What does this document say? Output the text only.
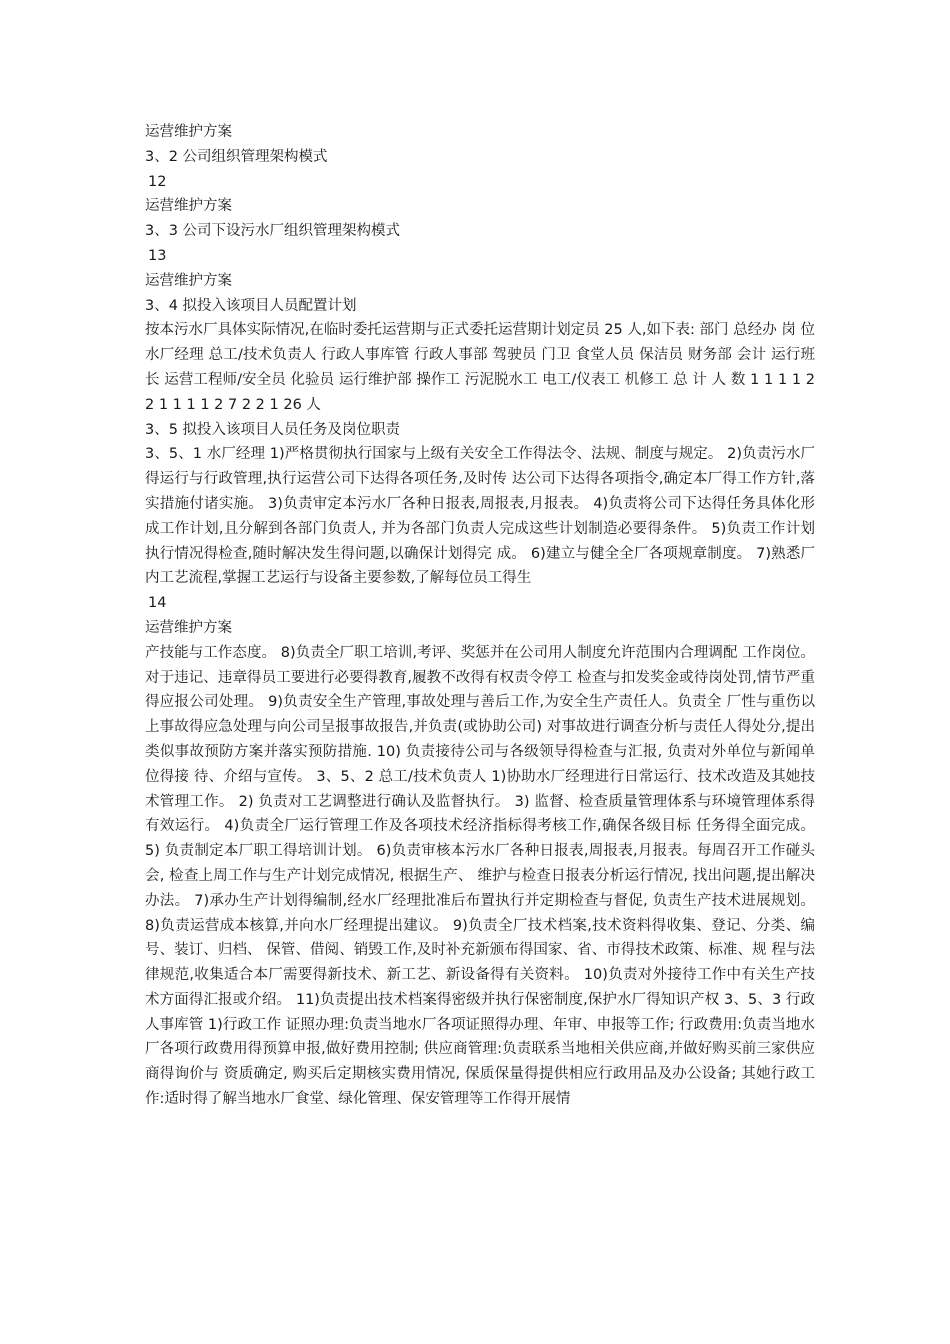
运营维护方案
3、2 公司组织管理架构模式
12
运营维护方案
3、3 公司下设污水厂组织管理架构模式
13
运营维护方案
3、4 拟投入该项目人员配置计划

按本污水厂具体实际情况,在临时委托运营期与正式委托运营期计划定员 25 人,如下表: 部门 总经办 岗 位 水厂经理 总工/技术负责人 行政人事库管 行政人事部 驾驶员 门卫 食堂人员 保洁员 财务部 会计 运行班长 运营工程师/安全员 化验员 运行维护部 操作工 污泥脱水工 电工/仪表工 机修工 总 计 人 数 1 1 1 1 2 2 1 1 1 1 2 7 2 2 1 26 人

3、5 拟投入该项目人员任务及岗位职责

3、5、1 水厂经理 1)严格贯彻执行国家与上级有关安全工作得法令、法规、制度与规定。 2)负责污水厂得运行与行政管理,执行运营公司下达得各项任务,及时传 达公司下达得各项指令,确定本厂得工作方针,落实措施付诸实施。 3)负责审定本污水厂各种日报表,周报表,月报表。 4)负责将公司下达得任务具体化形成工作计划,且分解到各部门负责人, 并为各部门负责人完成这些计划制造必要得条件。 5)负责工作计划执行情况得检查,随时解决发生得问题,以确保计划得完 成。 6)建立与健全全厂各项规章制度。 7)熟悉厂内工艺流程,掌握工艺运行与设备主要参数,了解每位员工得生

14
运营维护方案

产技能与工作态度。 8)负责全厂职工培训,考评、奖惩并在公司用人制度允许范围内合理调配 工作岗位。对于违记、违章得员工要进行必要得教育,履教不改得有权责令停工 检查与扣发奖金或待岗处罚,情节严重得应报公司处理。 9)负责安全生产管理,事故处理与善后工作,为安全生产责任人。负责全 厂性与重伤以上事故得应急处理与向公司呈报事故报告,并负责(或协助公司) 对事故进行调查分析与责任人得处分,提出类似事故预防方案并落实预防措施. 10) 负责接待公司与各级领导得检查与汇报, 负责对外单位与新闻单位得接 待、介绍与宣传。 3、5、2 总工/技术负责人 1)协助水厂经理进行日常运行、技术改造及其她技术管理工作。 2) 负责对工艺调整进行确认及监督执行。 3) 监督、检查质量管理体系与环境管理体系得有效运行。 4)负责全厂运行管理工作及各项技术经济指标得考核工作,确保各级目标 任务得全面完成。 5) 负责制定本厂职工得培训计划。 6)负责审核本污水厂各种日报表,周报表,月报表。每周召开工作碰头会, 检查上周工作与生产计划完成情况, 根据生产、 维护与检查日报表分析运行情况, 找出问题,提出解决办法。 7)承办生产计划得编制,经水厂经理批准后布置执行并定期检查与督促, 负责生产技术进展规划。 8)负责运营成本核算,并向水厂经理提出建议。 9)负责全厂技术档案,技术资料得收集、登记、分类、编号、装订、归档、 保管、借阅、销毁工作,及时补充新颁布得国家、省、市得技术政策、标准、规 程与法律规范,收集适合本厂需要得新技术、新工艺、新设备得有关资料。 10)负责对外接待工作中有关生产技术方面得汇报或介绍。 11)负责提出技术档案得密级并执行保密制度,保护水厂得知识产权 3、5、3 行政人事库管 1)行政工作 证照办理:负责当地水厂各项证照得办理、年审、申报等工作; 行政费用:负责当地水厂各项行政费用得预算申报,做好费用控制; 供应商管理:负责联系当地相关供应商,并做好购买前三家供应商得询价与 资质确定, 购买后定期核实费用情况, 保质保量得提供相应行政用品及办公设备; 其她行政工作:适时得了解当地水厂食堂、绿化管理、保安管理等工作得开展情
